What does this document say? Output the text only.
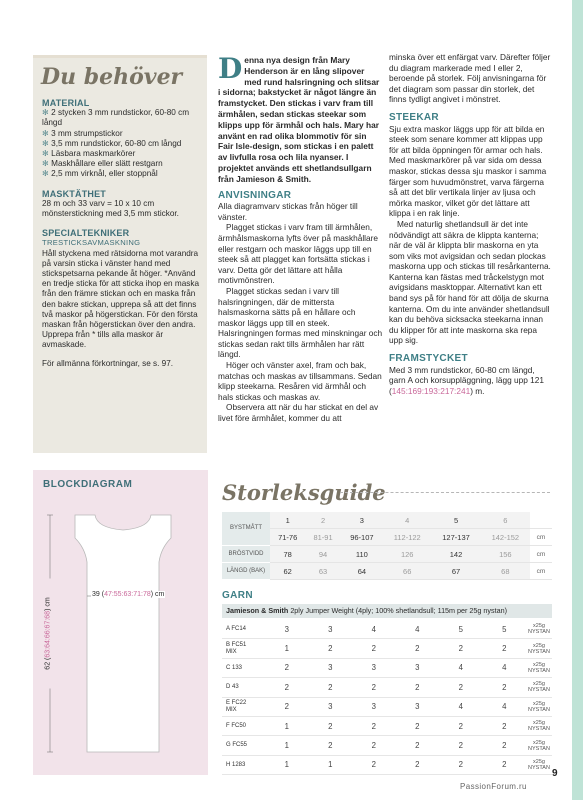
Du behöver
MATERIAL
✻ 2 stycken 3 mm rundstickor, 60-80 cm långd
✻ 3 mm strumpstickor
✻ 3,5 mm rundstickor, 60-80 cm långd
✻ Läsbara maskmarkörer
✻ Maskhållare eller slätt restgarn
✻ 2,5 mm virknål, eller stoppnål
MASKTÄTHET
28 m och 33 varv = 10 x 10 cm mönsterstickning med 3,5 mm stickor.
SPECIALTEKNIKER
TRESTICKSAVMASKNING
Håll styckena med rätsidorna mot varandra på varsin sticka i vänster hand med stickspetsarna pekande åt höger. *Använd en tredje sticka för att sticka ihop en maska från den främre stickan och en maska från den bakre stickan, upprepa så att det finns två maskor på högerstickan. För den första maskan från högerstickan över den andra. Upprepa från * tills alla maskor är avmaskade.
För allmänna förkortningar, se s. 97.

Denna nya design från Mary Henderson är en lång slipover med rund halsringning och slitsar i sidorna; bakstycket är något längre än framstycket. Den stickas i varv fram till ärmhålen, sedan stickas steekar som klipps upp för ärmhål och hals. Mary har använt en rad olika blommotiv för sin Fair Isle-design, som stickas i en palett av livfulla rosa och lila nyanser. I projektet används ett shetlandsullgarn från Jamieson & Smith.

ANVISNINGAR

Alla diagramvarv stickas från höger till vänster.

Plagget stickas i varv fram till ärmhålen, ärmhålsmaskorna lyfts över på maskhållare eller restgarn och maskor läggs upp till en steek så att plagget kan fortsätta stickas i varv. Detta gör det lättare att hålla motivmönstren.

Plagget stickas sedan i varv till halsringningen, där de mittersta halsmaskorna sätts på en hållare och maskor läggs upp till en steek. Halsringningen formas med minskningar och stickas sedan rakt tills ärmhålen har rätt längd.

Höger och vänster axel, fram och bak, matchas och maskas av tillsammans. Sedan klipp steekarna. Resåren vid ärmhål och hals stickas och maskas av.

Observera att när du har stickat en del av livet före ärmhålet, kommer du att

minska över ett enfärgat varv. Därefter följer du diagram markerade med I eller 2, beroende på storlek. Följ anvisningarna för det diagram som passar din storlek, det finns tydligt angivet i mönstret.

STEEKAR

Sju extra maskor läggs upp för att bilda en steek som senare kommer att klippas upp för att bilda öppningen för armar och hals. Med maskmarkörer på var sida om dessa maskor, stickas dessa sju maskor i samma färger som huvudmönstret, varva färgerna så att det blir vertikala linjer av ljusa och mörka maskor, vilket gör det lättare att klippa i en rak linje.

Med naturlig shetlandsull är det inte nödvändigt att säkra de klippta kanterna; när de väl är klippta blir maskorna en yta som viks mot avigsidan och sedan plockas maskorna upp och stickas till resårkanterna. Kanterna kan fästas med tråckelstygn mot avigsidans masktoppar. Alternativt kan ett band sys på för hand för att dölja de skurna kanterna. Om du inte använder shetlandsull kan du behöva sicksacka steekarna innan du klipper för att inte maskorna ska repa upp sig.

FRAMSTYCKET

Med 3 mm rundstickor, 60-80 cm längd, garn A och korsuppläggning, lägg upp 121 (145:169:193:217:241) m.

BLOCKDIAGRAM
39 (47:55:63:71:78) cm
62 (63:64:66:67:68) cm
Storleksguide
BYSTMÅTT	1	2	3	4	5	6	
	71-76	81-91	96-107	112-122	127-137	142-152	cm
BRÖSTVIDD	78	94	110	126	142	156	cm
LÄNGD (BAK)	62	63	64	66	67	68	cm
GARN
Jamieson & Smith 2ply Jumper Weight (4ply; 100% shetlandsull; 115m per 25g nystan)
A FC14	3	3	4	4	5	5	x25g NYSTAN
B FC51
MIX	1	2	2	2	2	2	x25g NYSTAN
C 133	2	3	3	3	4	4	x25g NYSTAN
D 43	2	2	2	2	2	2	x25g NYSTAN
E FC22
MIX	2	3	3	3	4	4	x25g NYSTAN
F FC50	1	2	2	2	2	2	x25g NYSTAN
G FC55	1	2	2	2	2	2	x25g NYSTAN
H 1283	1	1	2	2	2	2	x25g NYSTAN
9
PassionForum.ru
